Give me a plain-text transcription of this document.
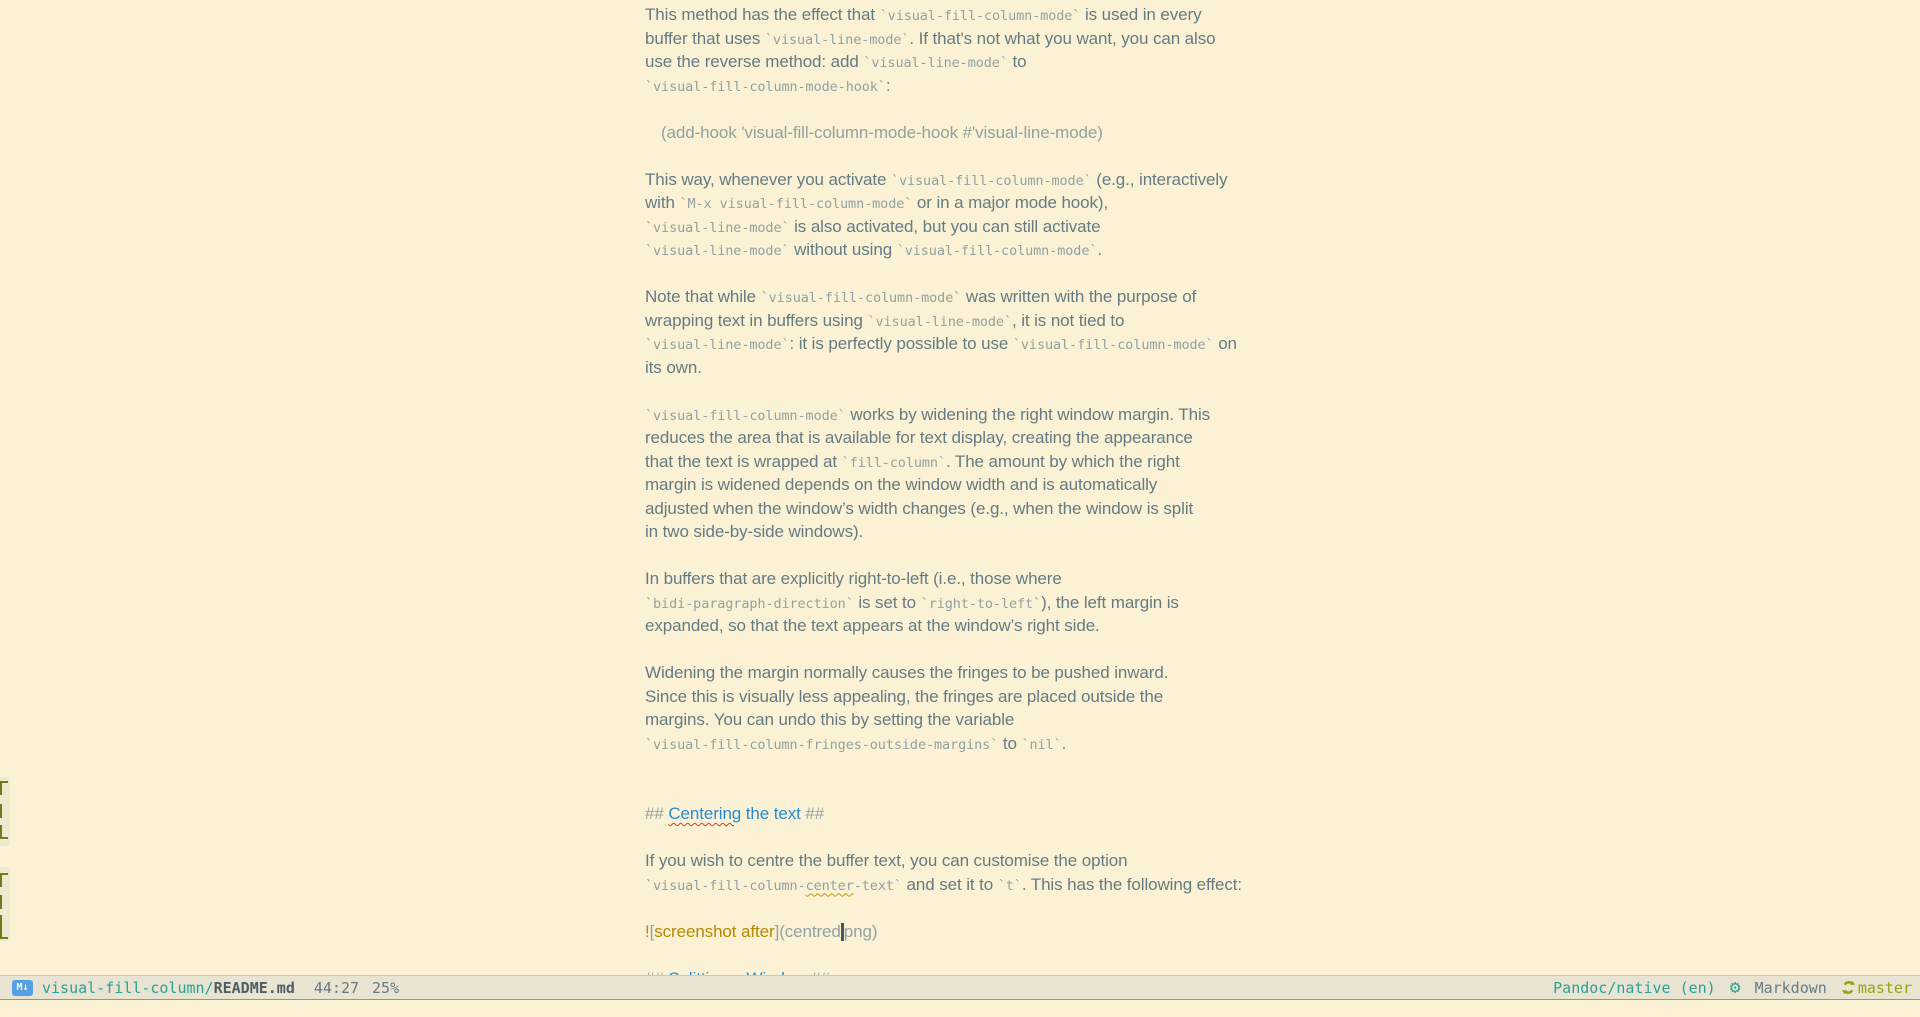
This method has the effect that `visual-fill-column-mode` is used in every
buffer that uses `visual-line-mode`. If that's not what you want, you can also
use the reverse method: add `visual-line-mode` to
`visual-fill-column-mode-hook`:
(add-hook 'visual-fill-column-mode-hook #'visual-line-mode)
This way, whenever you activate `visual-fill-column-mode` (e.g., interactively
with `M-x visual-fill-column-mode` or in a major mode hook),
`visual-line-mode` is also activated, but you can still activate
`visual-line-mode` without using `visual-fill-column-mode`.
Note that while `visual-fill-column-mode` was written with the purpose of
wrapping text in buffers using `visual-line-mode`, it is not tied to
`visual-line-mode`: it is perfectly possible to use `visual-fill-column-mode` on
its own.
`visual-fill-column-mode` works by widening the right window margin. This
reduces the area that is available for text display, creating the appearance
that the text is wrapped at `fill-column`. The amount by which the right
margin is widened depends on the window width and is automatically
adjusted when the window’s width changes (e.g., when the window is split
in two side-by-side windows).
In buffers that are explicitly right-to-left (i.e., those where
`bidi-paragraph-direction` is set to `right-to-left`), the left margin is
expanded, so that the text appears at the window’s right side.
Widening the margin normally causes the fringes to be pushed inward.
Since this is visually less appealing, the fringes are placed outside the
margins. You can undo this by setting the variable
`visual-fill-column-fringes-outside-margins` to `nil`.
## Centering the text ##
If you wish to centre the buffer text, you can customise the option
`visual-fill-column-center-text` and set it to `t`. This has the following effect:
![screenshot after](centred png)
M↓ visual-fill-column/README.md 44:27 25%	Pandoc/native (en) ⚙ Markdown master
